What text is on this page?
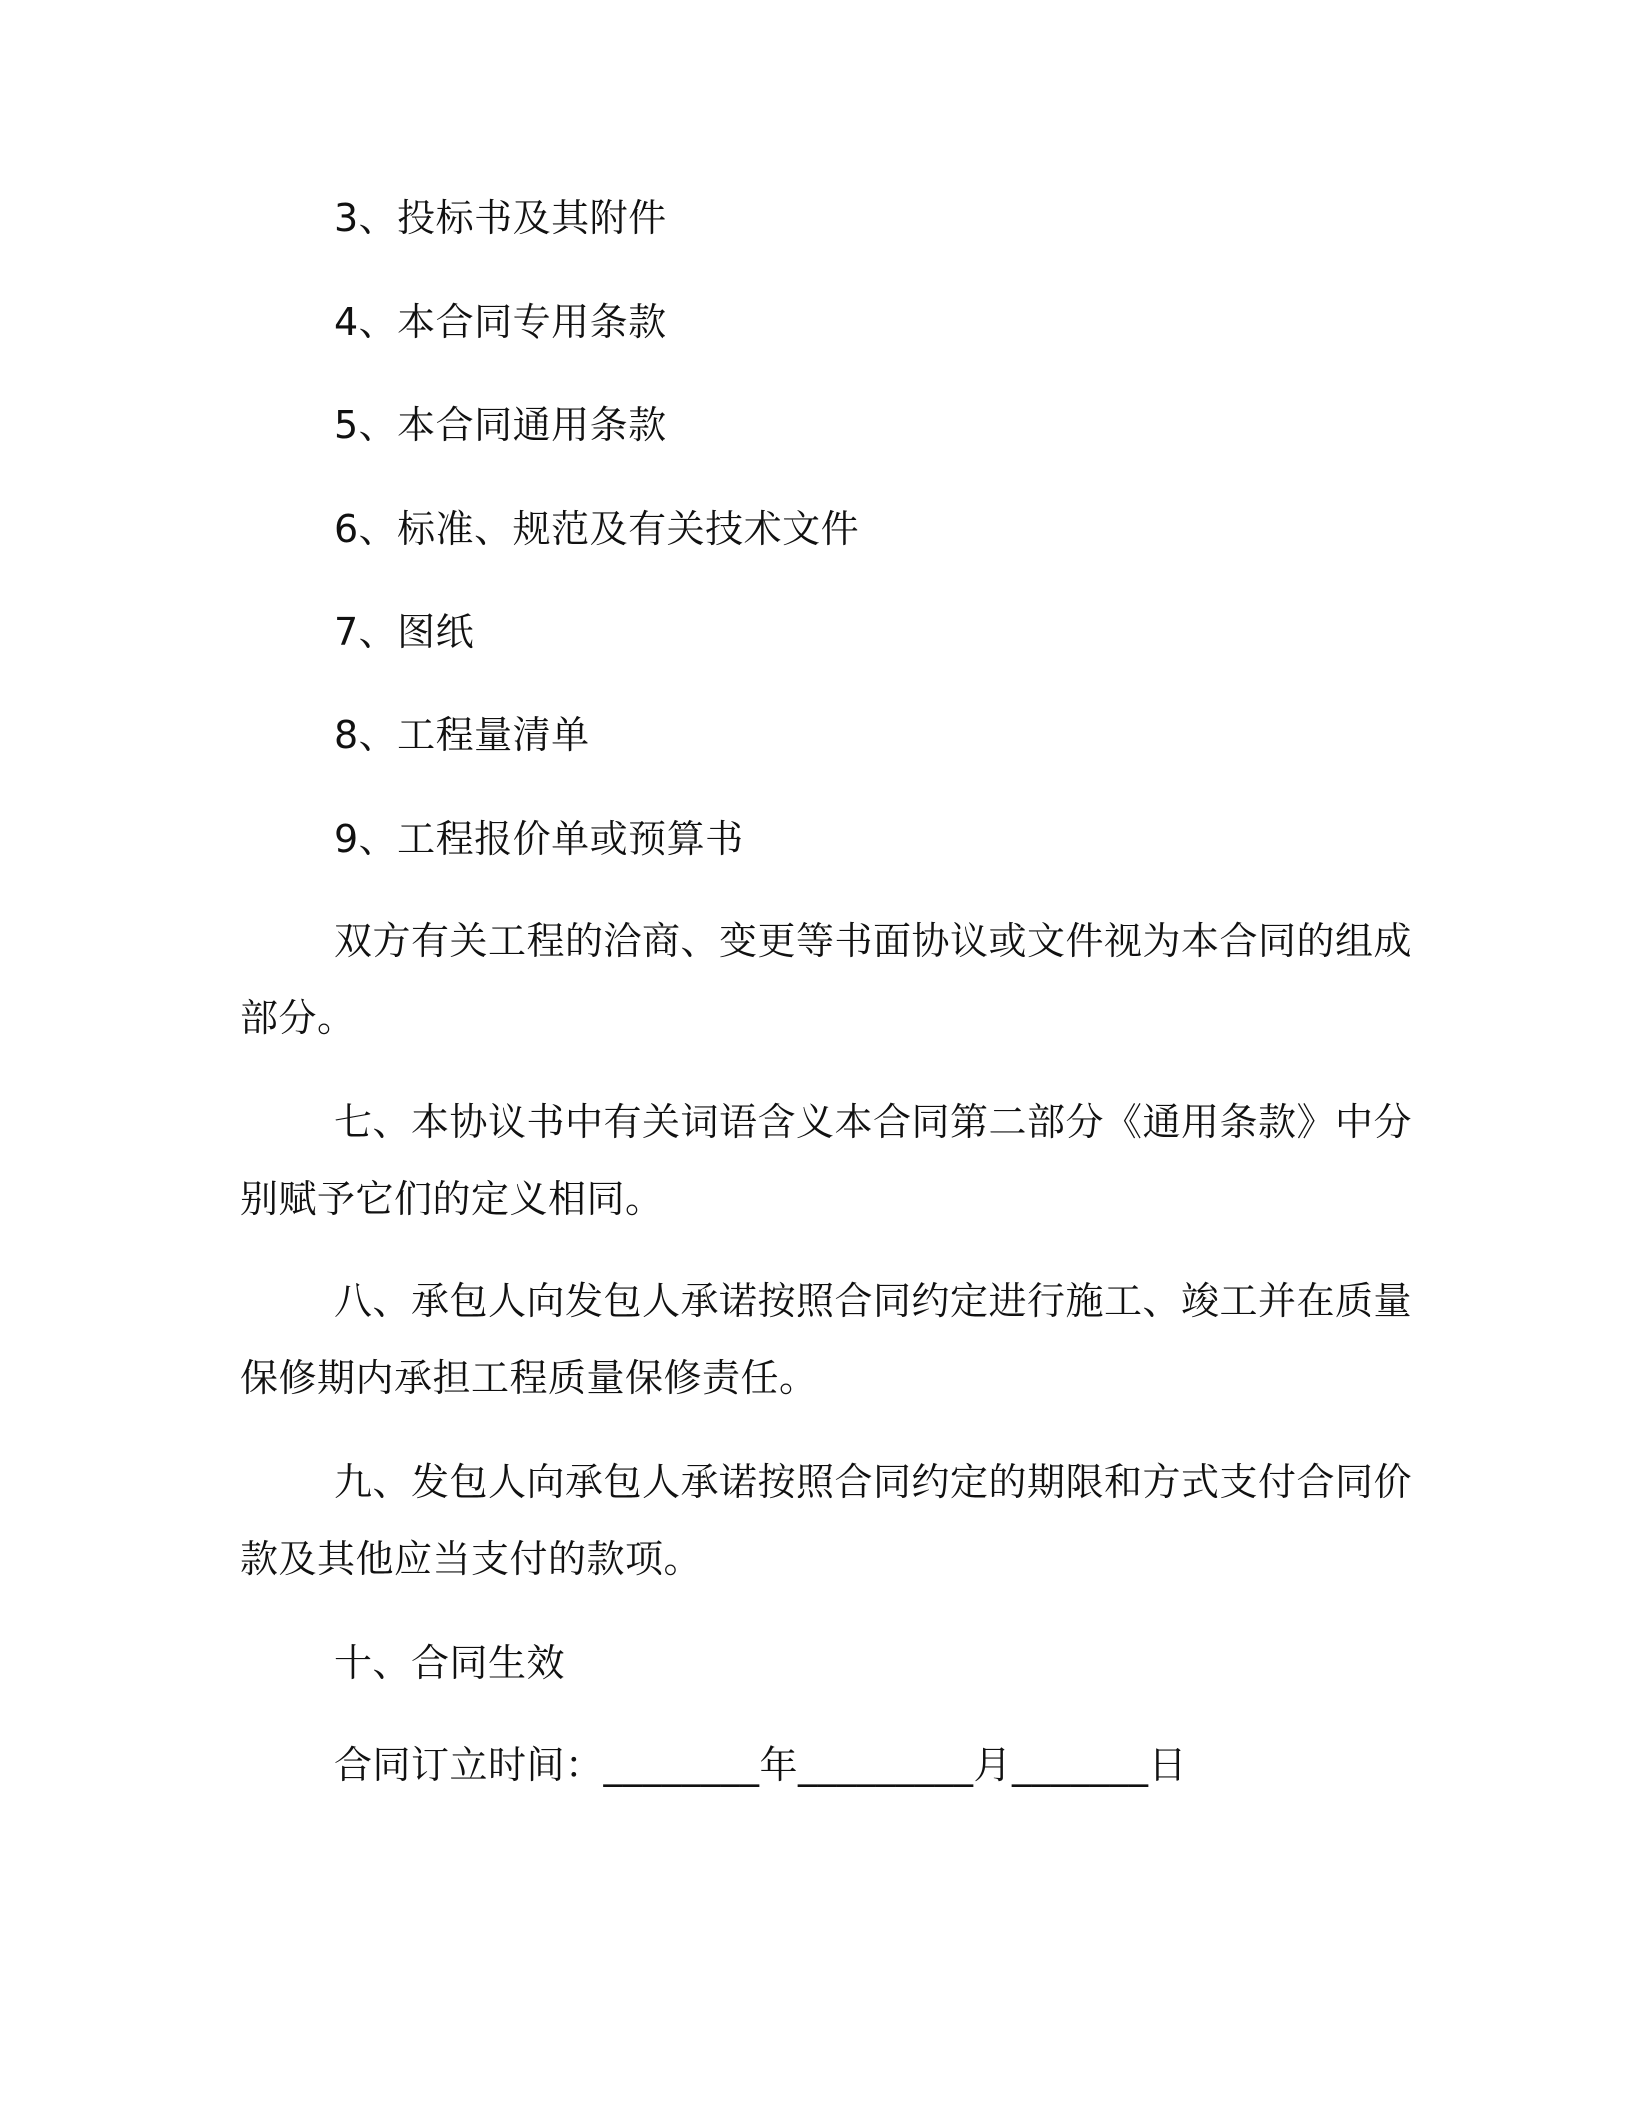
3、投标书及其附件
4、本合同专用条款
5、本合同通用条款
6、标准、规范及有关技术文件
7、图纸
8、工程量清单
9、工程报价单或预算书
双方有关工程的洽商、变更等书面协议或文件视为本合同的组成
部分。
七、本协议书中有关词语含义本合同第二部分《通用条款》中分
别赋予它们的定义相同。
八、承包人向发包人承诺按照合同约定进行施工、竣工并在质量
保修期内承担工程质量保修责任。
九、发包人向承包人承诺按照合同约定的期限和方式支付合同价
款及其他应当支付的款项。
十、合同生效
合同订立时间：________年_________月_______日
